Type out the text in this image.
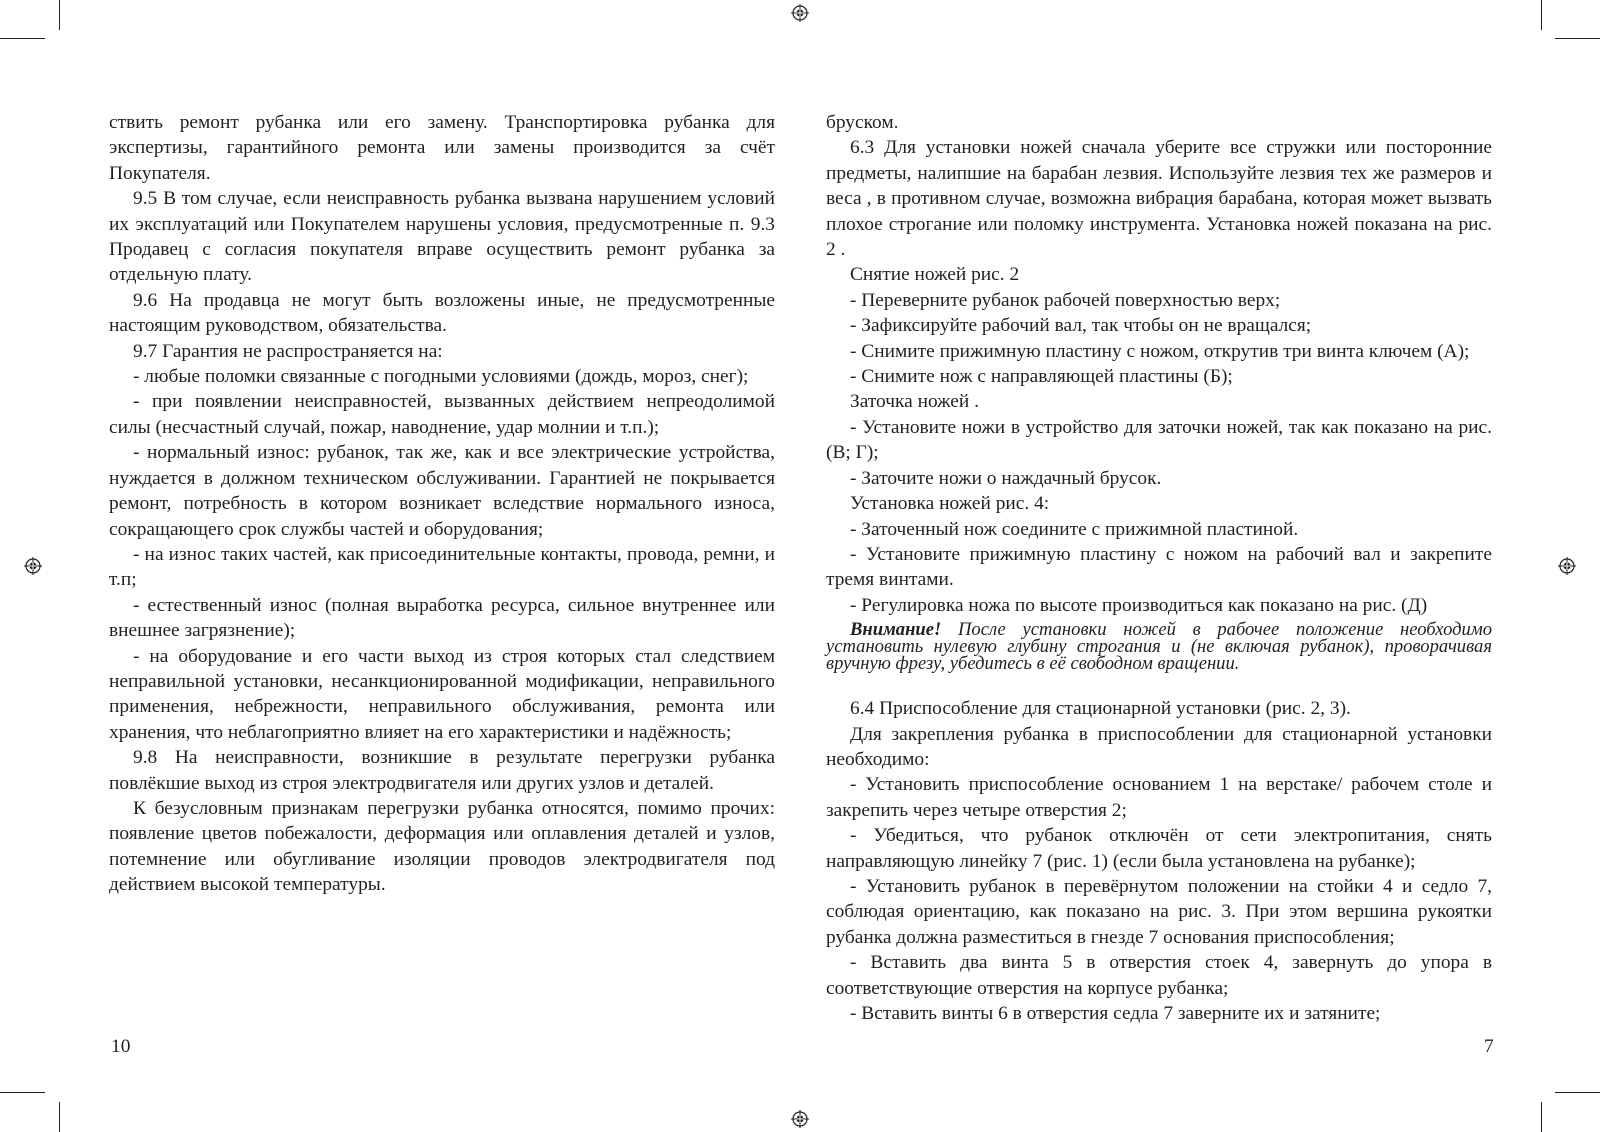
ствить ремонт рубанка или его замену. Транспортировка рубанка для экспертизы, гарантийного ремонта или замены производится за счёт Покупателя.

9.5 В том случае, если неисправность рубанка вызвана нарушением условий их эксплуатаций или Покупателем нарушены условия, предусмотренные п. 9.3 Продавец с согласия покупателя вправе осуществить ремонт рубанка за отдельную плату.

9.6 На продавца не могут быть возложены иные, не предусмотренные настоящим руководством, обязательства.

9.7 Гарантия не распространяется на:

- любые поломки связанные с погодными условиями (дождь, мороз, снег);

- при появлении неисправностей, вызванных действием непреодолимой силы (несчастный случай, пожар, наводнение, удар молнии и т.п.);

- нормальный износ: рубанок, так же, как и все электрические устройства, нуждается в должном техническом обслуживании. Гарантией не покрывается ремонт, потребность в котором возникает вследствие нормального износа, сокращающего срок службы частей и оборудования;

- на износ таких частей, как присоединительные контакты, провода, ремни, и т.п;

- естественный износ (полная выработка ресурса, сильное внутреннее или внешнее загрязнение);

- на оборудование и его части выход из строя которых стал следствием неправильной установки, несанкционированной модификации, неправильного применения, небрежности, неправильного обслуживания, ремонта или хранения, что неблагоприятно влияет на его характеристики и надёжность;

9.8 На неисправности, возникшие в результате перегрузки рубанка повлёкшие выход из строя электродвигателя или других узлов и деталей.

К безусловным признакам перегрузки рубанка относятся, помимо прочих: появление цветов побежалости, деформация или оплавления деталей и узлов, потемнение или обугливание изоляции проводов электродвигателя под действием высокой температуры.

бруском.

6.3 Для установки ножей сначала уберите все стружки или посторонние предметы, налипшие на барабан лезвия. Используйте лезвия тех же размеров и веса , в противном случае, возможна вибрация барабана, которая может вызвать плохое строгание или поломку инструмента. Установка ножей показана на рис. 2 .

Снятие ножей рис. 2

- Переверните рубанок рабочей поверхностью верх;

- Зафиксируйте рабочий вал, так чтобы он не вращался;

- Снимите прижимную пластину с ножом, открутив три винта ключем (А);

- Снимите нож с направляющей пластины (Б);

Заточка ножей .

- Установите ножи в устройство для заточки ножей, так как показано на рис. (В; Г);

- Заточите ножи о наждачный брусок.

Установка ножей рис. 4:

- Заточенный нож соедините с прижимной пластиной.

- Установите прижимную пластину с ножом на рабочий вал и закрепите тремя винтами.

- Регулировка ножа по высоте производиться как показано на рис. (Д)

Внимание! После установки ножей в рабочее положение необходимо установить нулевую глубину строгания и (не включая рубанок), проворачивая вручную фрезу, убедитесь в её свободном вращении.

6.4 Приспособление для стационарной установки (рис. 2, 3).

Для закрепления рубанка в приспособлении для стационарной установки необходимо:

- Установить приспособление основанием 1 на верстаке/ рабочем столе и закрепить через четыре отверстия 2;

- Убедиться, что рубанок отключён от сети электропитания, снять направляющую линейку 7 (рис. 1) (если была установлена на рубанке);

- Установить рубанок в перевёрнутом положении на стойки 4 и седло 7, соблюдая ориентацию, как показано на рис. 3. При этом вершина рукоятки рубанка должна разместиться в гнезде 7 основания приспособления;

- Вставить два винта 5 в отверстия стоек 4, завернуть до упора в соответствующие отверстия на корпусе рубанка;

- Вставить винты 6 в отверстия седла 7 заверните их и затяните;

10	7
